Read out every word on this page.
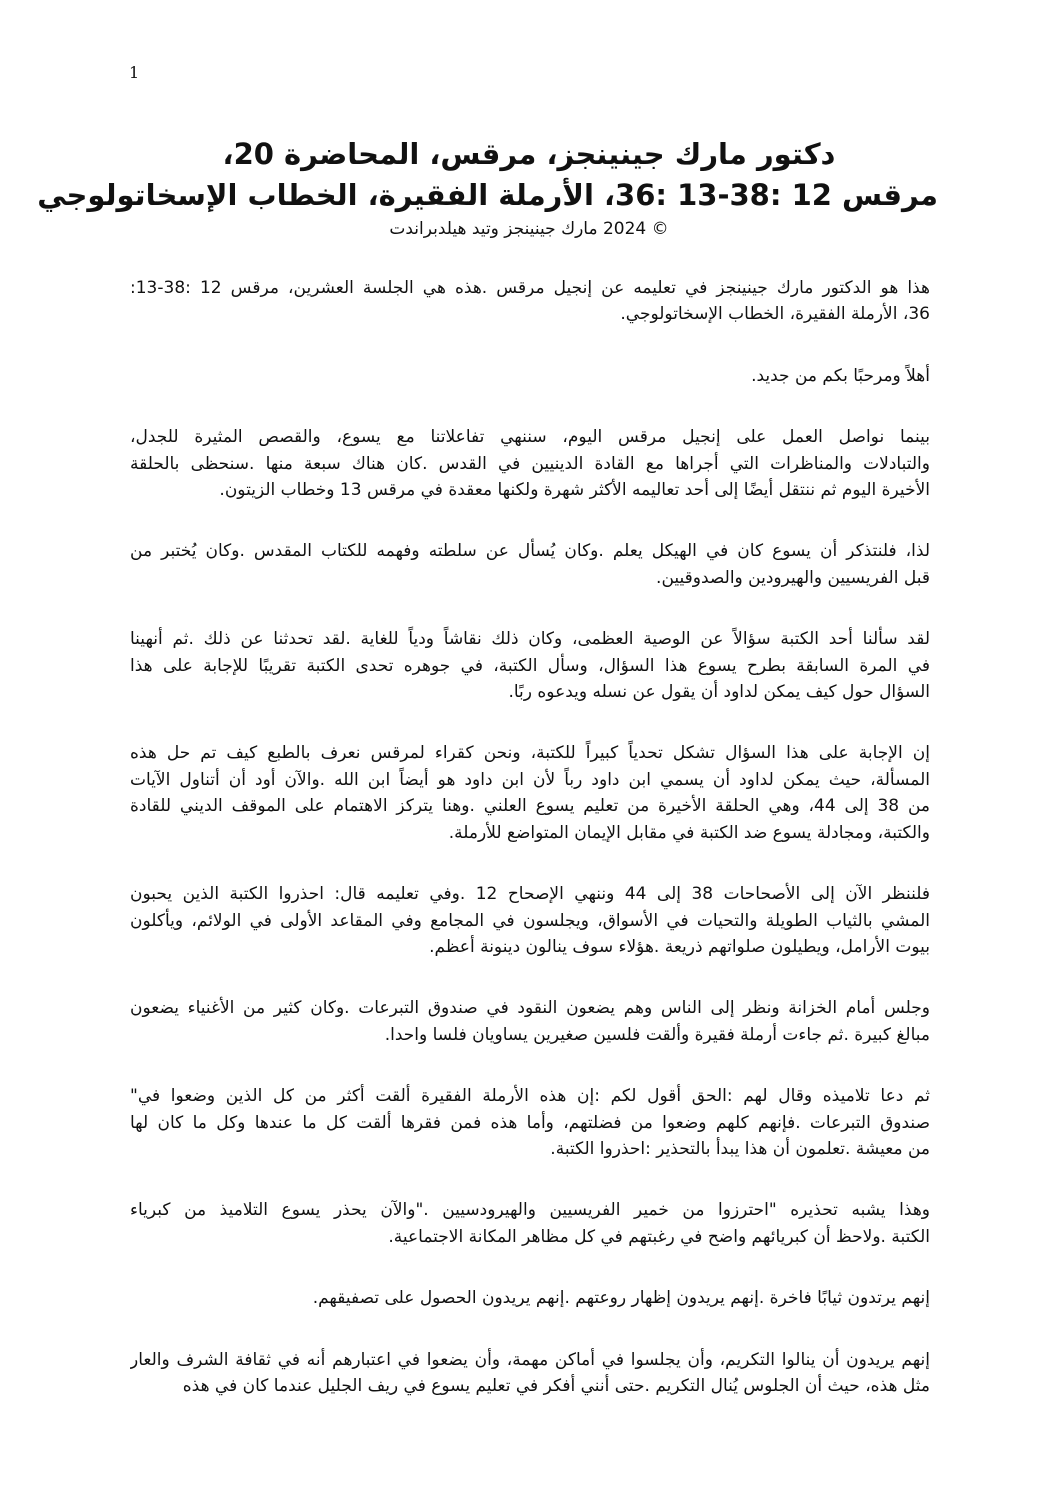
1
دكتور مارك جينينجز، مرقس، المحاضرة 20،
مرقس 12 :38-13 :36، الأرملة الفقيرة، الخطاب الإسخاتولوجي
© 2024 مارك جينينجز وتيد هيلدبراندت
هذا هو الدكتور مارك جينينجز في تعليمه عن إنجيل مرقس .هذه هي الجلسة العشرين، مرقس 12 :38-13:
36، الأرملة الفقيرة، الخطاب الإسخاتولوجي.
أهلاً ومرحبًا بكم من جديد.
بينما نواصل العمل على إنجيل مرقس اليوم، سننهي تفاعلاتنا مع يسوع، والقصص المثيرة للجدل،
والتبادلات والمناظرات التي أجراها مع القادة الدينيين في القدس .كان هناك سبعة منها .سنحظى بالحلقة
الأخيرة اليوم ثم ننتقل أيضًا إلى أحد تعاليمه الأكثر شهرة ولكنها معقدة في مرقس 13 وخطاب الزيتون.
لذا، فلنتذكر أن يسوع كان في الهيكل يعلم .وكان يُسأل عن سلطته وفهمه للكتاب المقدس .وكان يُختبر من
قبل الفريسيين والهيرودين والصدوقيين.
لقد سألنا أحد الكتبة سؤالاً عن الوصية العظمى، وكان ذلك نقاشاً ودياً للغاية .لقد تحدثنا عن ذلك .ثم أنهينا
في المرة السابقة بطرح يسوع هذا السؤال، وسأل الكتبة، في جوهره تحدى الكتبة تقريبًا للإجابة على هذا
السؤال حول كيف يمكن لداود أن يقول عن نسله ويدعوه ربًا.
إن الإجابة على هذا السؤال تشكل تحدياً كبيراً للكتبة، ونحن كقراء لمرقس نعرف بالطبع كيف تم حل هذه
المسألة، حيث يمكن لداود أن يسمي ابن داود رباً لأن ابن داود هو أيضاً ابن الله .والآن أود أن أتناول الآيات
من 38 إلى 44، وهي الحلقة الأخيرة من تعليم يسوع العلني .وهنا يتركز الاهتمام على الموقف الديني للقادة
والكتبة، ومجادلة يسوع ضد الكتبة في مقابل الإيمان المتواضع للأرملة.
فلننظر الآن إلى الأصحاحات 38 إلى 44 وننهي الإصحاح 12 .وفي تعليمه قال: احذروا الكتبة الذين يحبون
المشي بالثياب الطويلة والتحيات في الأسواق، ويجلسون في المجامع وفي المقاعد الأولى في الولائم، ويأكلون
بيوت الأرامل، ويطيلون صلواتهم ذريعة .هؤلاء سوف ينالون دينونة أعظم.
وجلس أمام الخزانة ونظر إلى الناس وهم يضعون النقود في صندوق التبرعات .وكان كثير من الأغنياء يضعون
مبالغ كبيرة .ثم جاءت أرملة فقيرة وألقت فلسين صغيرين يساويان فلسا واحدا.
ثم دعا تلاميذه وقال لهم :الحق أقول لكم :إن هذه الأرملة الفقيرة ألقت أكثر من كل الذين وضعوا في"
صندوق التبرعات .فإنهم كلهم وضعوا من فضلتهم، وأما هذه فمن فقرها ألقت كل ما عندها وكل ما كان لها
من معيشة .تعلمون أن هذا يبدأ بالتحذير :احذروا الكتبة.
وهذا يشبه تحذيره "احترزوا من خمير الفريسيين والهيرودسيين ."والآن يحذر يسوع التلاميذ من كبرياء
الكتبة .ولاحظ أن كبريائهم واضح في رغبتهم في كل مظاهر المكانة الاجتماعية.
إنهم يرتدون ثيابًا فاخرة .إنهم يريدون إظهار روعتهم .إنهم يريدون الحصول على تصفيقهم.
إنهم يريدون أن ينالوا التكريم، وأن يجلسوا في أماكن مهمة، وأن يضعوا في اعتبارهم أنه في ثقافة الشرف والعار
مثل هذه، حيث أن الجلوس يُنال التكريم .حتى أنني أفكر في تعليم يسوع في ريف الجليل عندما كان في هذه
